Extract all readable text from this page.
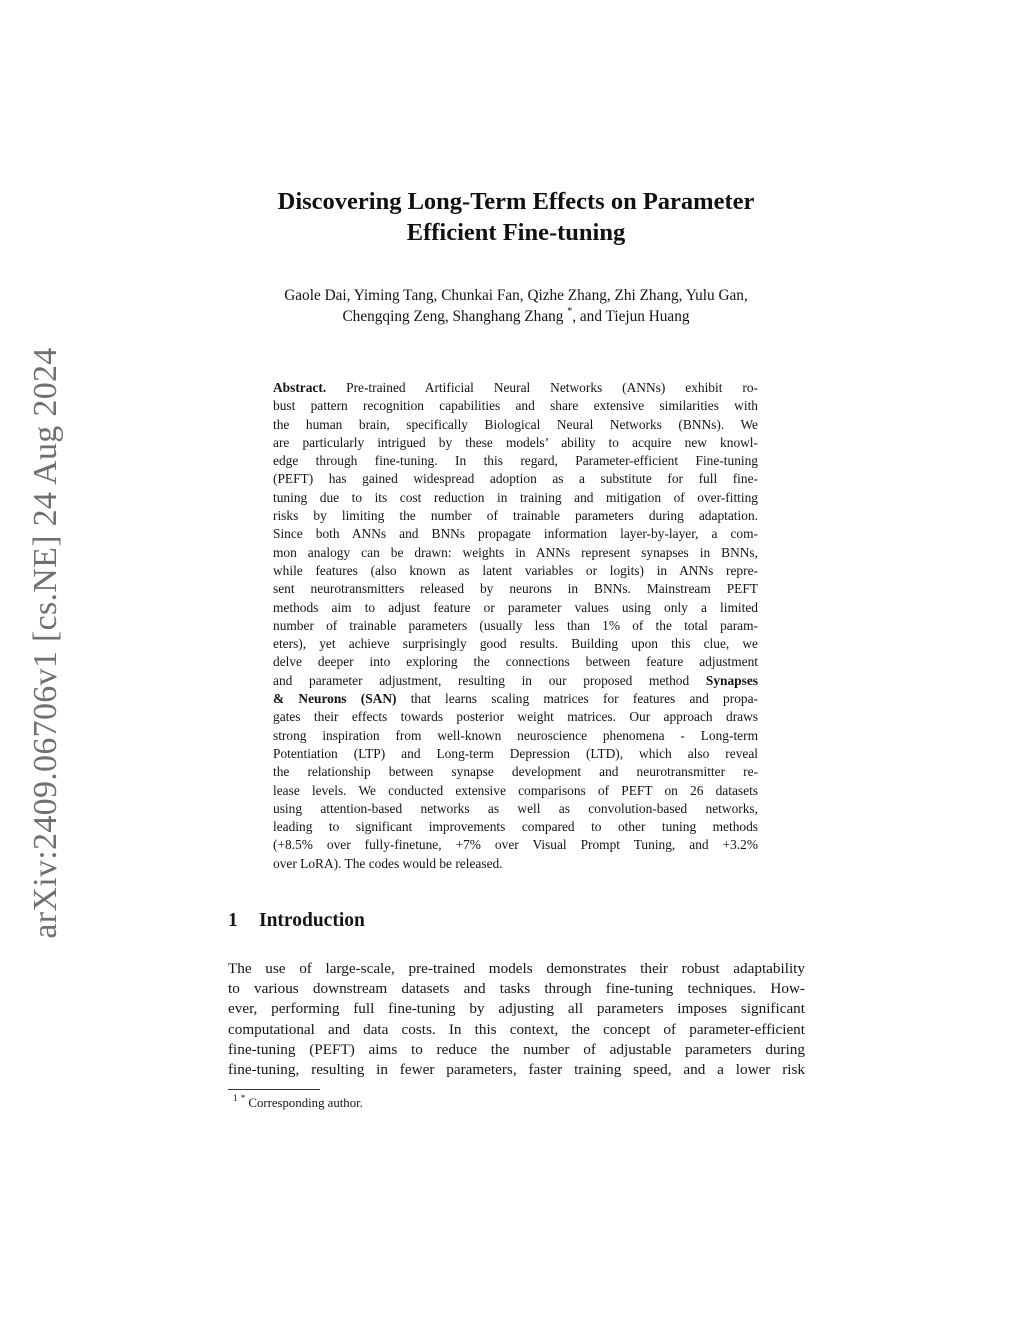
arXiv:2409.06706v1 [cs.NE] 24 Aug 2024
Discovering Long-Term Effects on Parameter
Efficient Fine-tuning
Gaole Dai, Yiming Tang, Chunkai Fan, Qizhe Zhang, Zhi Zhang, Yulu Gan,
Chengqing Zeng, Shanghang Zhang *, and Tiejun Huang
Abstract. Pre-trained Artificial Neural Networks (ANNs) exhibit ro-
bust pattern recognition capabilities and share extensive similarities with
the human brain, specifically Biological Neural Networks (BNNs). We
are particularly intrigued by these models’ ability to acquire new knowl-
edge through fine-tuning. In this regard, Parameter-efficient Fine-tuning
(PEFT) has gained widespread adoption as a substitute for full fine-
tuning due to its cost reduction in training and mitigation of over-fitting
risks by limiting the number of trainable parameters during adaptation.
Since both ANNs and BNNs propagate information layer-by-layer, a com-
mon analogy can be drawn: weights in ANNs represent synapses in BNNs,
while features (also known as latent variables or logits) in ANNs repre-
sent neurotransmitters released by neurons in BNNs. Mainstream PEFT
methods aim to adjust feature or parameter values using only a limited
number of trainable parameters (usually less than 1% of the total param-
eters), yet achieve surprisingly good results. Building upon this clue, we
delve deeper into exploring the connections between feature adjustment
and parameter adjustment, resulting in our proposed method Synapses
& Neurons (SAN) that learns scaling matrices for features and propa-
gates their effects towards posterior weight matrices. Our approach draws
strong inspiration from well-known neuroscience phenomena - Long-term
Potentiation (LTP) and Long-term Depression (LTD), which also reveal
the relationship between synapse development and neurotransmitter re-
lease levels. We conducted extensive comparisons of PEFT on 26 datasets
using attention-based networks as well as convolution-based networks,
leading to significant improvements compared to other tuning methods
(+8.5% over fully-finetune, +7% over Visual Prompt Tuning, and +3.2%
over LoRA). The codes would be released.
1 Introduction
The use of large-scale, pre-trained models demonstrates their robust adaptability
to various downstream datasets and tasks through fine-tuning techniques. How-
ever, performing full fine-tuning by adjusting all parameters imposes significant
computational and data costs. In this context, the concept of parameter-efficient
fine-tuning (PEFT) aims to reduce the number of adjustable parameters during
fine-tuning, resulting in fewer parameters, faster training speed, and a lower risk
$^1$ * Corresponding author.
